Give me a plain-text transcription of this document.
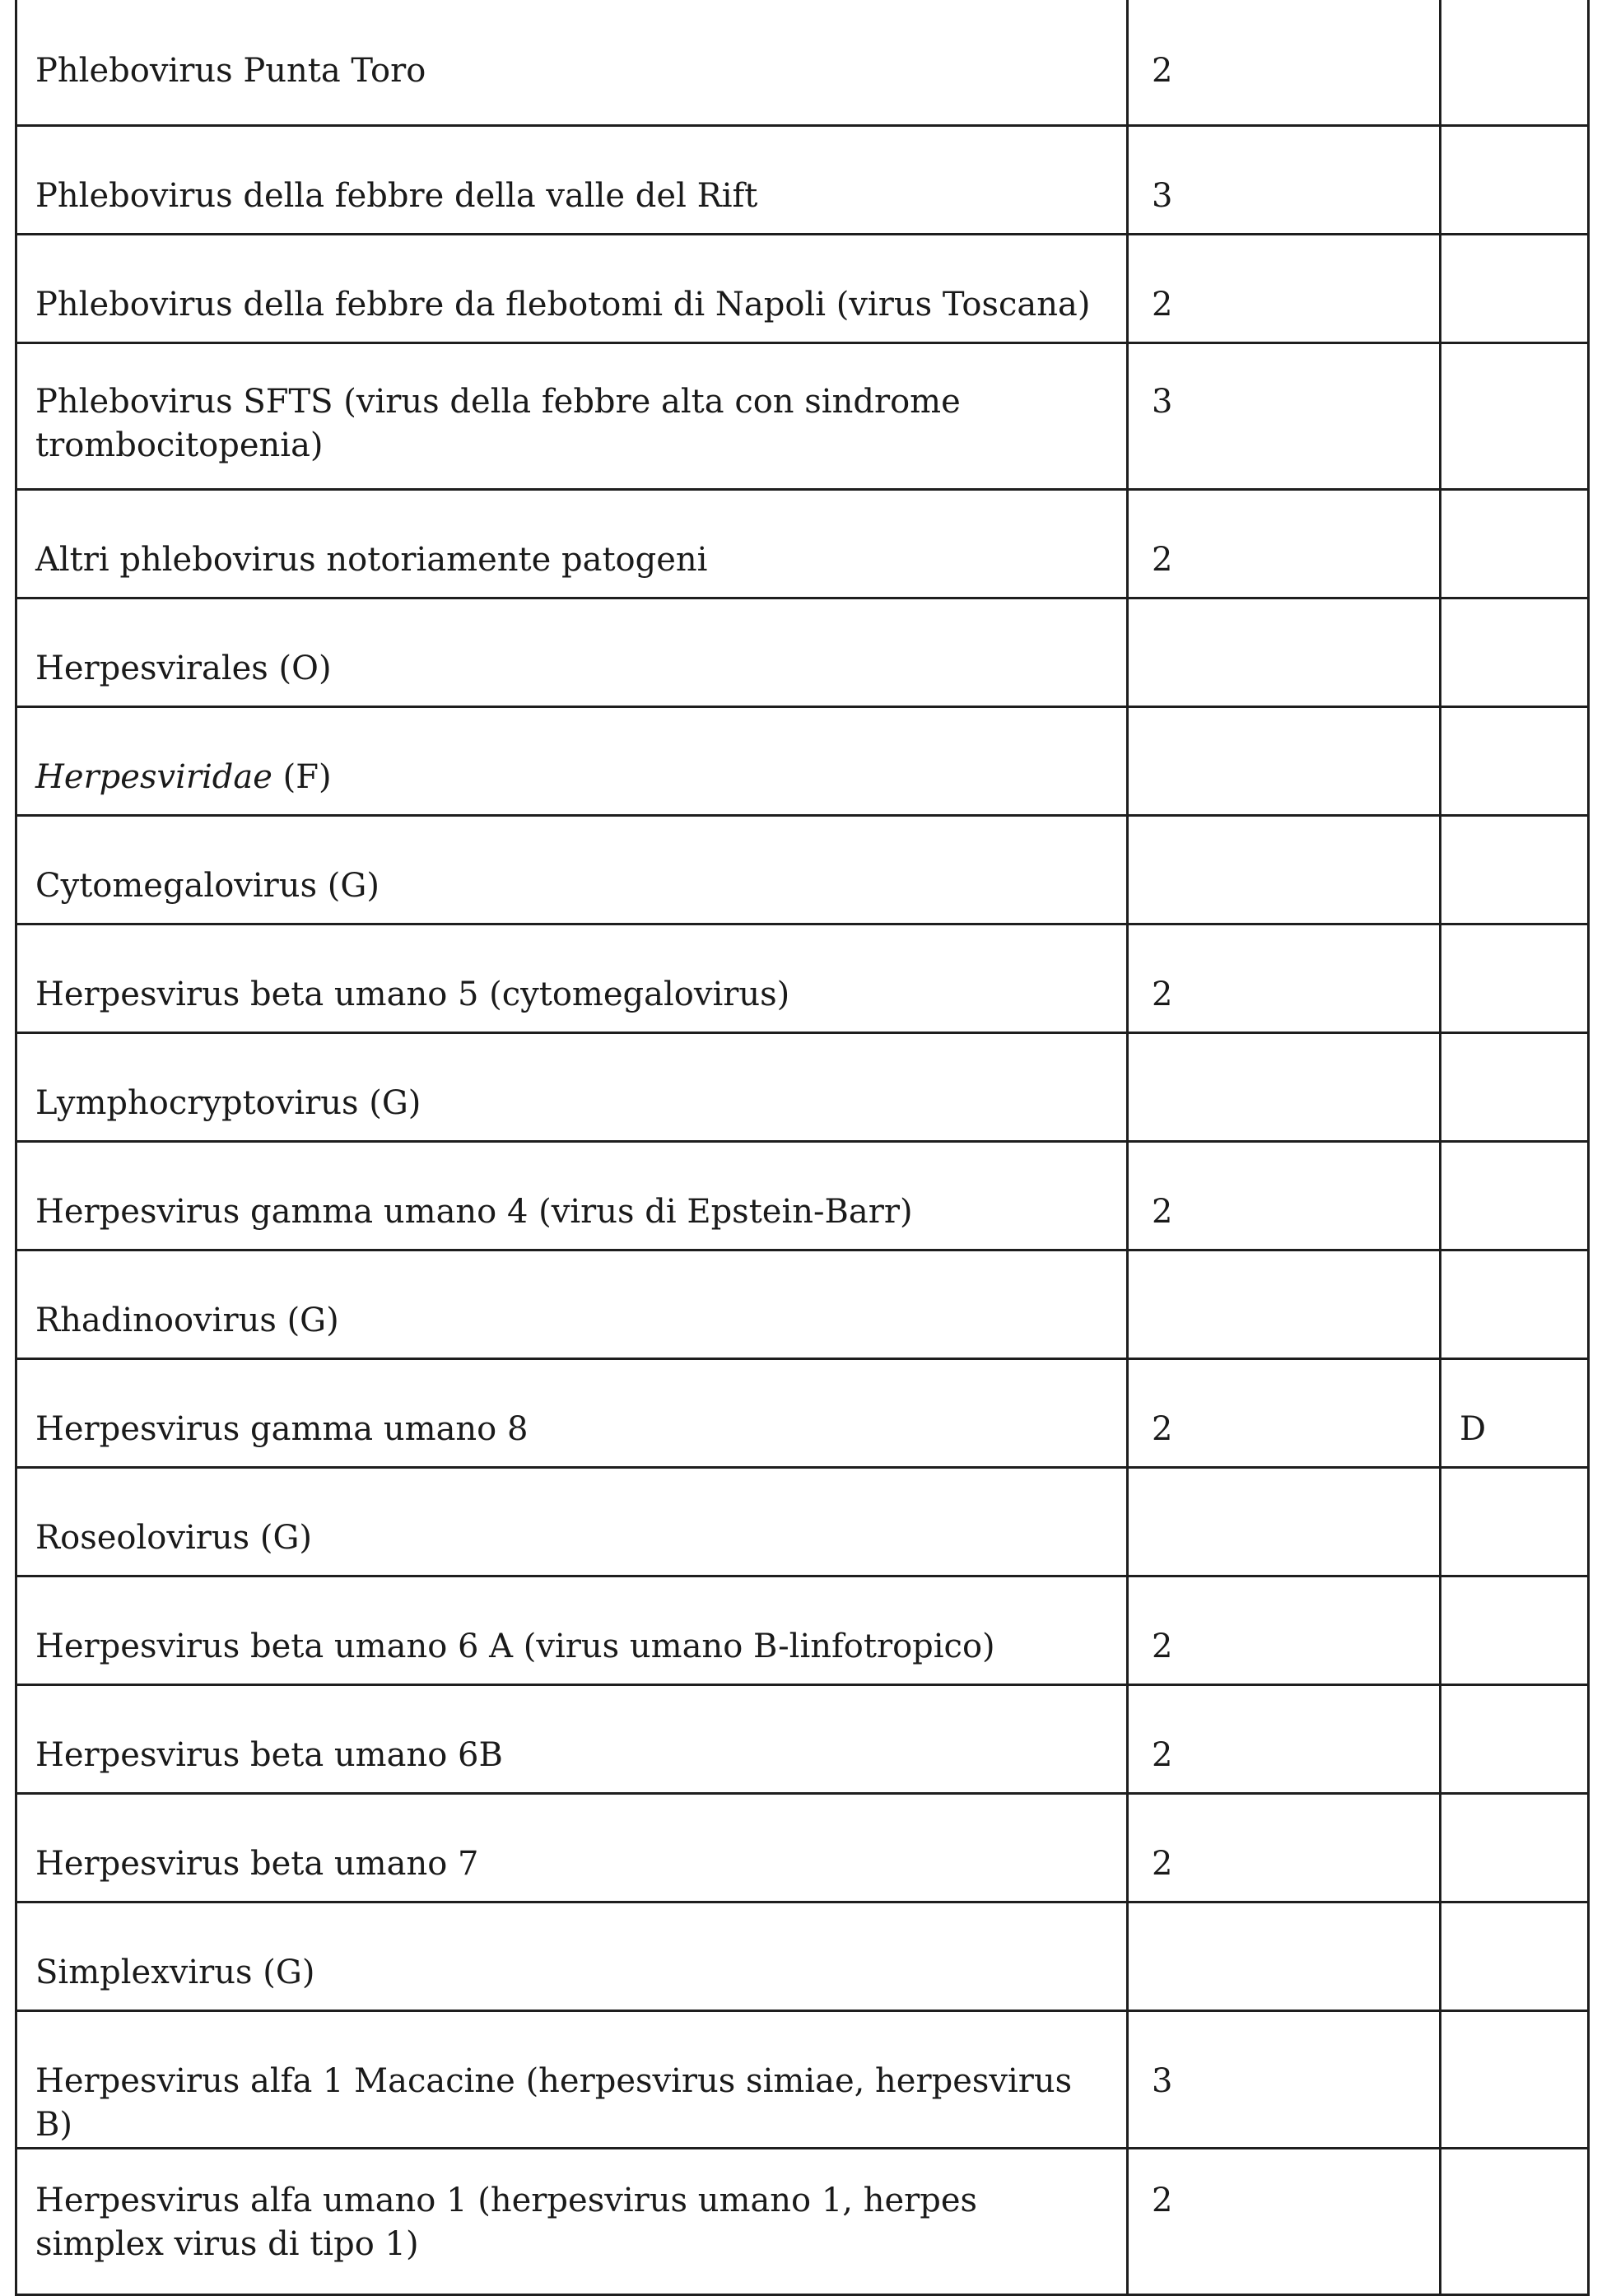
Phlebovirus Punta Toro	2	
Phlebovirus della febbre della valle del Rift	3	
Phlebovirus della febbre da flebotomi di Napoli (virus Toscana)	2	
Phlebovirus SFTS (virus della febbre alta con sindrome trombocitopenia)	3	
Altri phlebovirus notoriamente patogeni	2	
Herpesvirales (O)		
Herpesviridae (F)		
Cytomegalovirus (G)		
Herpesvirus beta umano 5 (cytomegalovirus)	2	
Lymphocryptovirus (G)		
Herpesvirus gamma umano 4 (virus di Epstein-Barr)	2	
Rhadinoovirus (G)		
Herpesvirus gamma umano 8	2	D
Roseolovirus (G)		
Herpesvirus beta umano 6 A (virus umano B-linfotropico)	2	
Herpesvirus beta umano 6B	2	
Herpesvirus beta umano 7	2	
Simplexvirus (G)		
Herpesvirus alfa 1 Macacine (herpesvirus simiae, herpesvirus B)	3	
Herpesvirus alfa umano 1 (herpesvirus umano 1, herpes simplex virus di tipo 1)	2	
